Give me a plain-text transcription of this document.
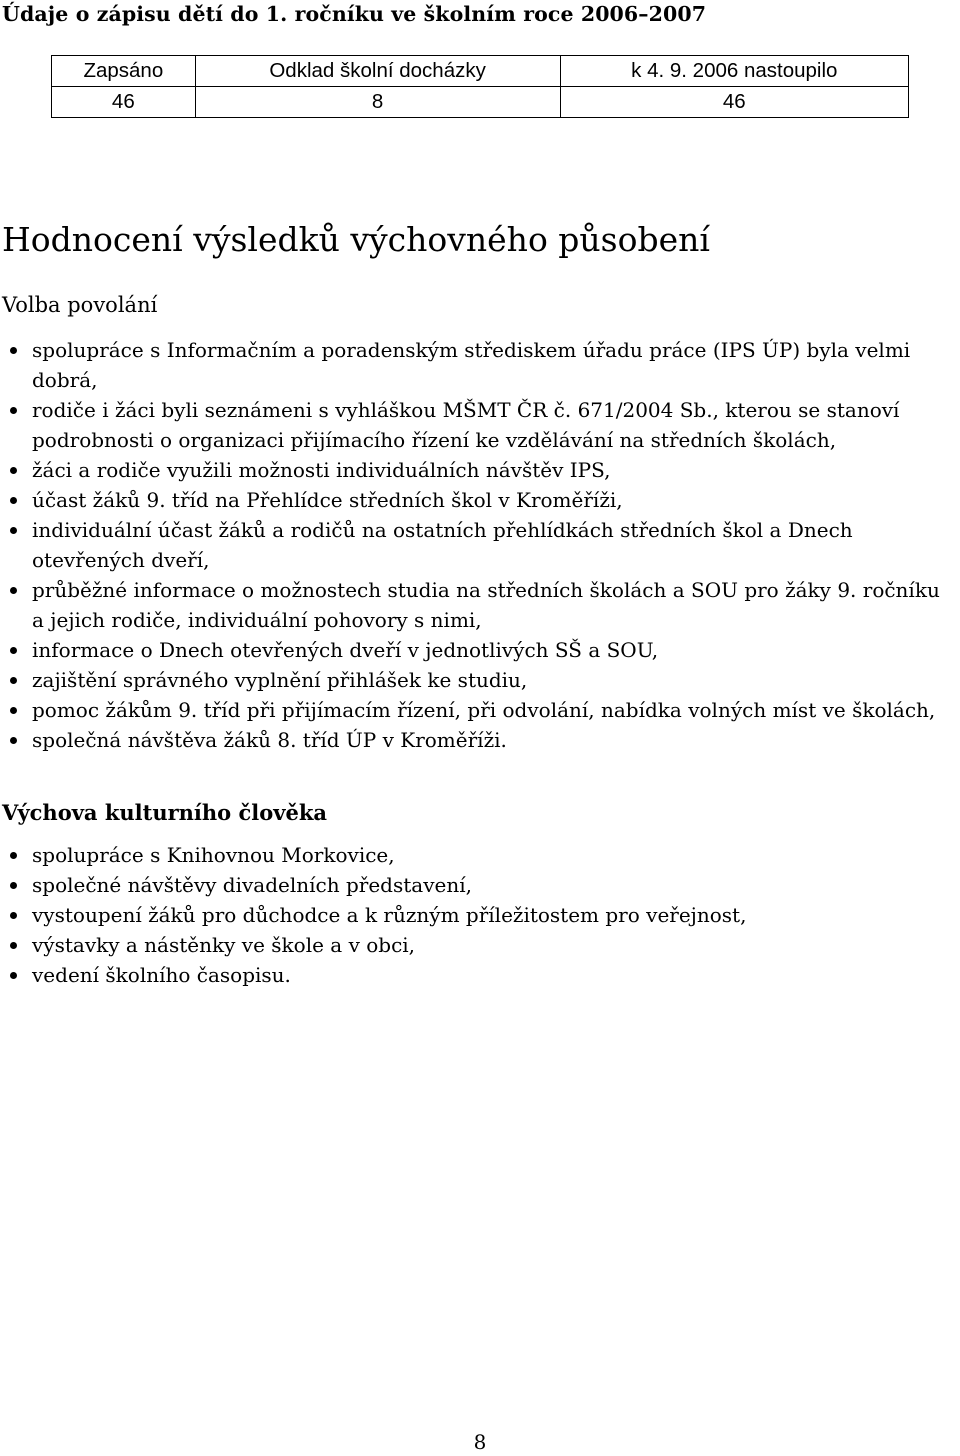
Údaje o zápisu dětí do 1. ročníku ve školním roce 2006–2007
Zapsáno	Odklad školní docházky	k 4. 9. 2006 nastoupilo
46	8	46
Hodnocení výsledků výchovného působení
Volba povolání
spolupráce s Informačním a poradenským střediskem úřadu práce (IPS ÚP) byla velmi dobrá,
rodiče i žáci byli seznámeni s vyhláškou MŠMT ČR č. 671/2004 Sb., kterou se stanoví podrobnosti o organizaci přijímacího řízení ke vzdělávání na středních školách,
žáci a rodiče využili možnosti individuálních návštěv IPS,
účast žáků 9. tříd na Přehlídce středních škol v Kroměříži,
individuální účast žáků a rodičů na ostatních přehlídkách středních škol a Dnech otevřených dveří,
průběžné informace o možnostech studia na středních školách a SOU pro žáky 9. ročníku a jejich rodiče, individuální pohovory s nimi,
informace o Dnech otevřených dveří v jednotlivých SŠ a SOU,
zajištění správného vyplnění přihlášek ke studiu,
pomoc žákům 9. tříd při přijímacím řízení, při odvolání, nabídka volných míst ve školách,
společná návštěva žáků 8. tříd ÚP v Kroměříži.
Výchova kulturního člověka
spolupráce s Knihovnou Morkovice,
společné návštěvy divadelních představení,
vystoupení žáků pro důchodce a k různým příležitostem pro veřejnost,
výstavky a nástěnky ve škole a v obci,
vedení školního časopisu.
8
